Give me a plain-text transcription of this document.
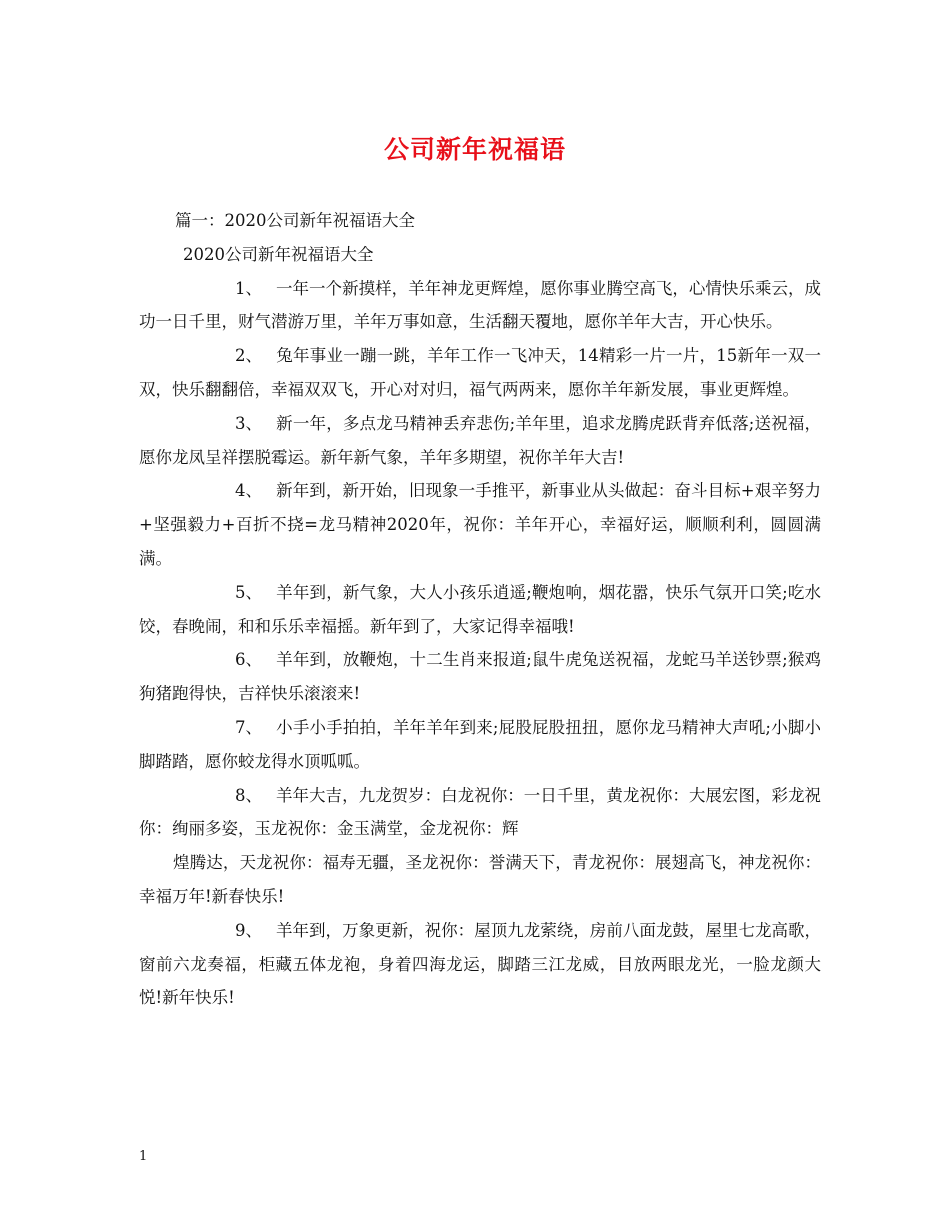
公司新年祝福语

篇一：2020公司新年祝福语大全

2020公司新年祝福语大全

1、 一年一个新摸样，羊年神龙更辉煌，愿你事业腾空高飞，心情快乐乘云，成功一日千里，财气潜游万里，羊年万事如意，生活翻天覆地，愿你羊年大吉，开心快乐。

2、 兔年事业一蹦一跳，羊年工作一飞冲天，14精彩一片一片，15新年一双一双，快乐翻翻倍，幸福双双飞，开心对对归，福气两两来，愿你羊年新发展，事业更辉煌。

3、 新一年，多点龙马精神丢弃悲伤;羊年里，追求龙腾虎跃背弃低落;送祝福，愿你龙凤呈祥摆脱霉运。新年新气象，羊年多期望，祝你羊年大吉!

4、 新年到，新开始，旧现象一手推平，新事业从头做起：奋斗目标+艰辛努力+坚强毅力+百折不挠=龙马精神2020年，祝你：羊年开心，幸福好运，顺顺利利，圆圆满满。

5、 羊年到，新气象，大人小孩乐逍遥;鞭炮响，烟花嚣，快乐气氛开口笑;吃水饺，春晚闹，和和乐乐幸福摇。新年到了，大家记得幸福哦!

6、 羊年到，放鞭炮，十二生肖来报道;鼠牛虎兔送祝福，龙蛇马羊送钞票;猴鸡狗猪跑得快，吉祥快乐滚滚来!

7、 小手小手拍拍，羊年羊年到来;屁股屁股扭扭，愿你龙马精神大声吼;小脚小脚踏踏，愿你蛟龙得水顶呱呱。

8、 羊年大吉，九龙贺岁：白龙祝你：一日千里，黄龙祝你：大展宏图，彩龙祝你：绚丽多姿，玉龙祝你：金玉满堂，金龙祝你：辉

煌腾达，天龙祝你：福寿无疆，圣龙祝你：誉满天下，青龙祝你：展翅高飞，神龙祝你：幸福万年!新春快乐!

9、 羊年到，万象更新，祝你：屋顶九龙萦绕，房前八面龙鼓，屋里七龙高歌，窗前六龙奏福，柜藏五体龙袍，身着四海龙运，脚踏三江龙威，目放两眼龙光，一脸龙颜大悦!新年快乐!

1
